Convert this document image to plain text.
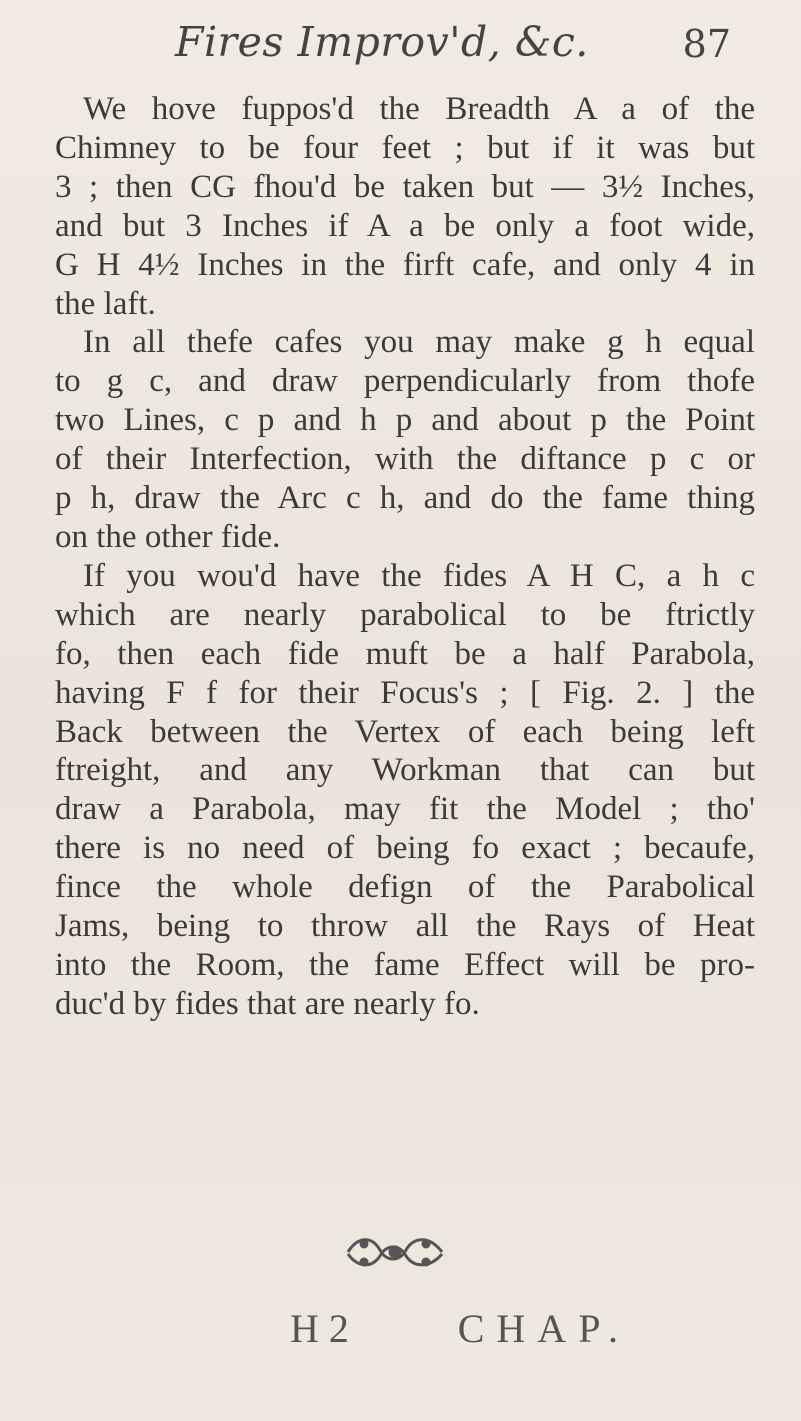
Fires Improv'd, &c. 87
We hove fuppos'd the Breadth A a of the
Chimney to be four feet ; but if it was but
3 ; then CG fhou'd be taken but — 3½ Inches,
and but 3 Inches if A a be only a foot wide,
G H 4½ Inches in the firft cafe, and only 4 in
the laft.
In all thefe cafes you may make g h equal
to g c, and draw perpendicularly from thofe
two Lines, c p and h p and about p the Point
of their Interfection, with the diftance p c or
p h, draw the Arc c h, and do the fame thing
on the other fide.
If you wou'd have the fides A H C, a h c
which are nearly parabolical to be ftrictly
fo, then each fide muft be a half Parabola,
having F f for their Focus's ; [ Fig. 2. ] the
Back between the Vertex of each being left
ftreight, and any Workman that can but
draw a Parabola, may fit the Model ; tho'
there is no need of being fo exact ; becaufe,
fince the whole defign of the Parabolical
Jams, being to throw all the Rays of Heat
into the Room, the fame Effect will be pro-
duc'd by fides that are nearly fo.
H 2	CHAP.
